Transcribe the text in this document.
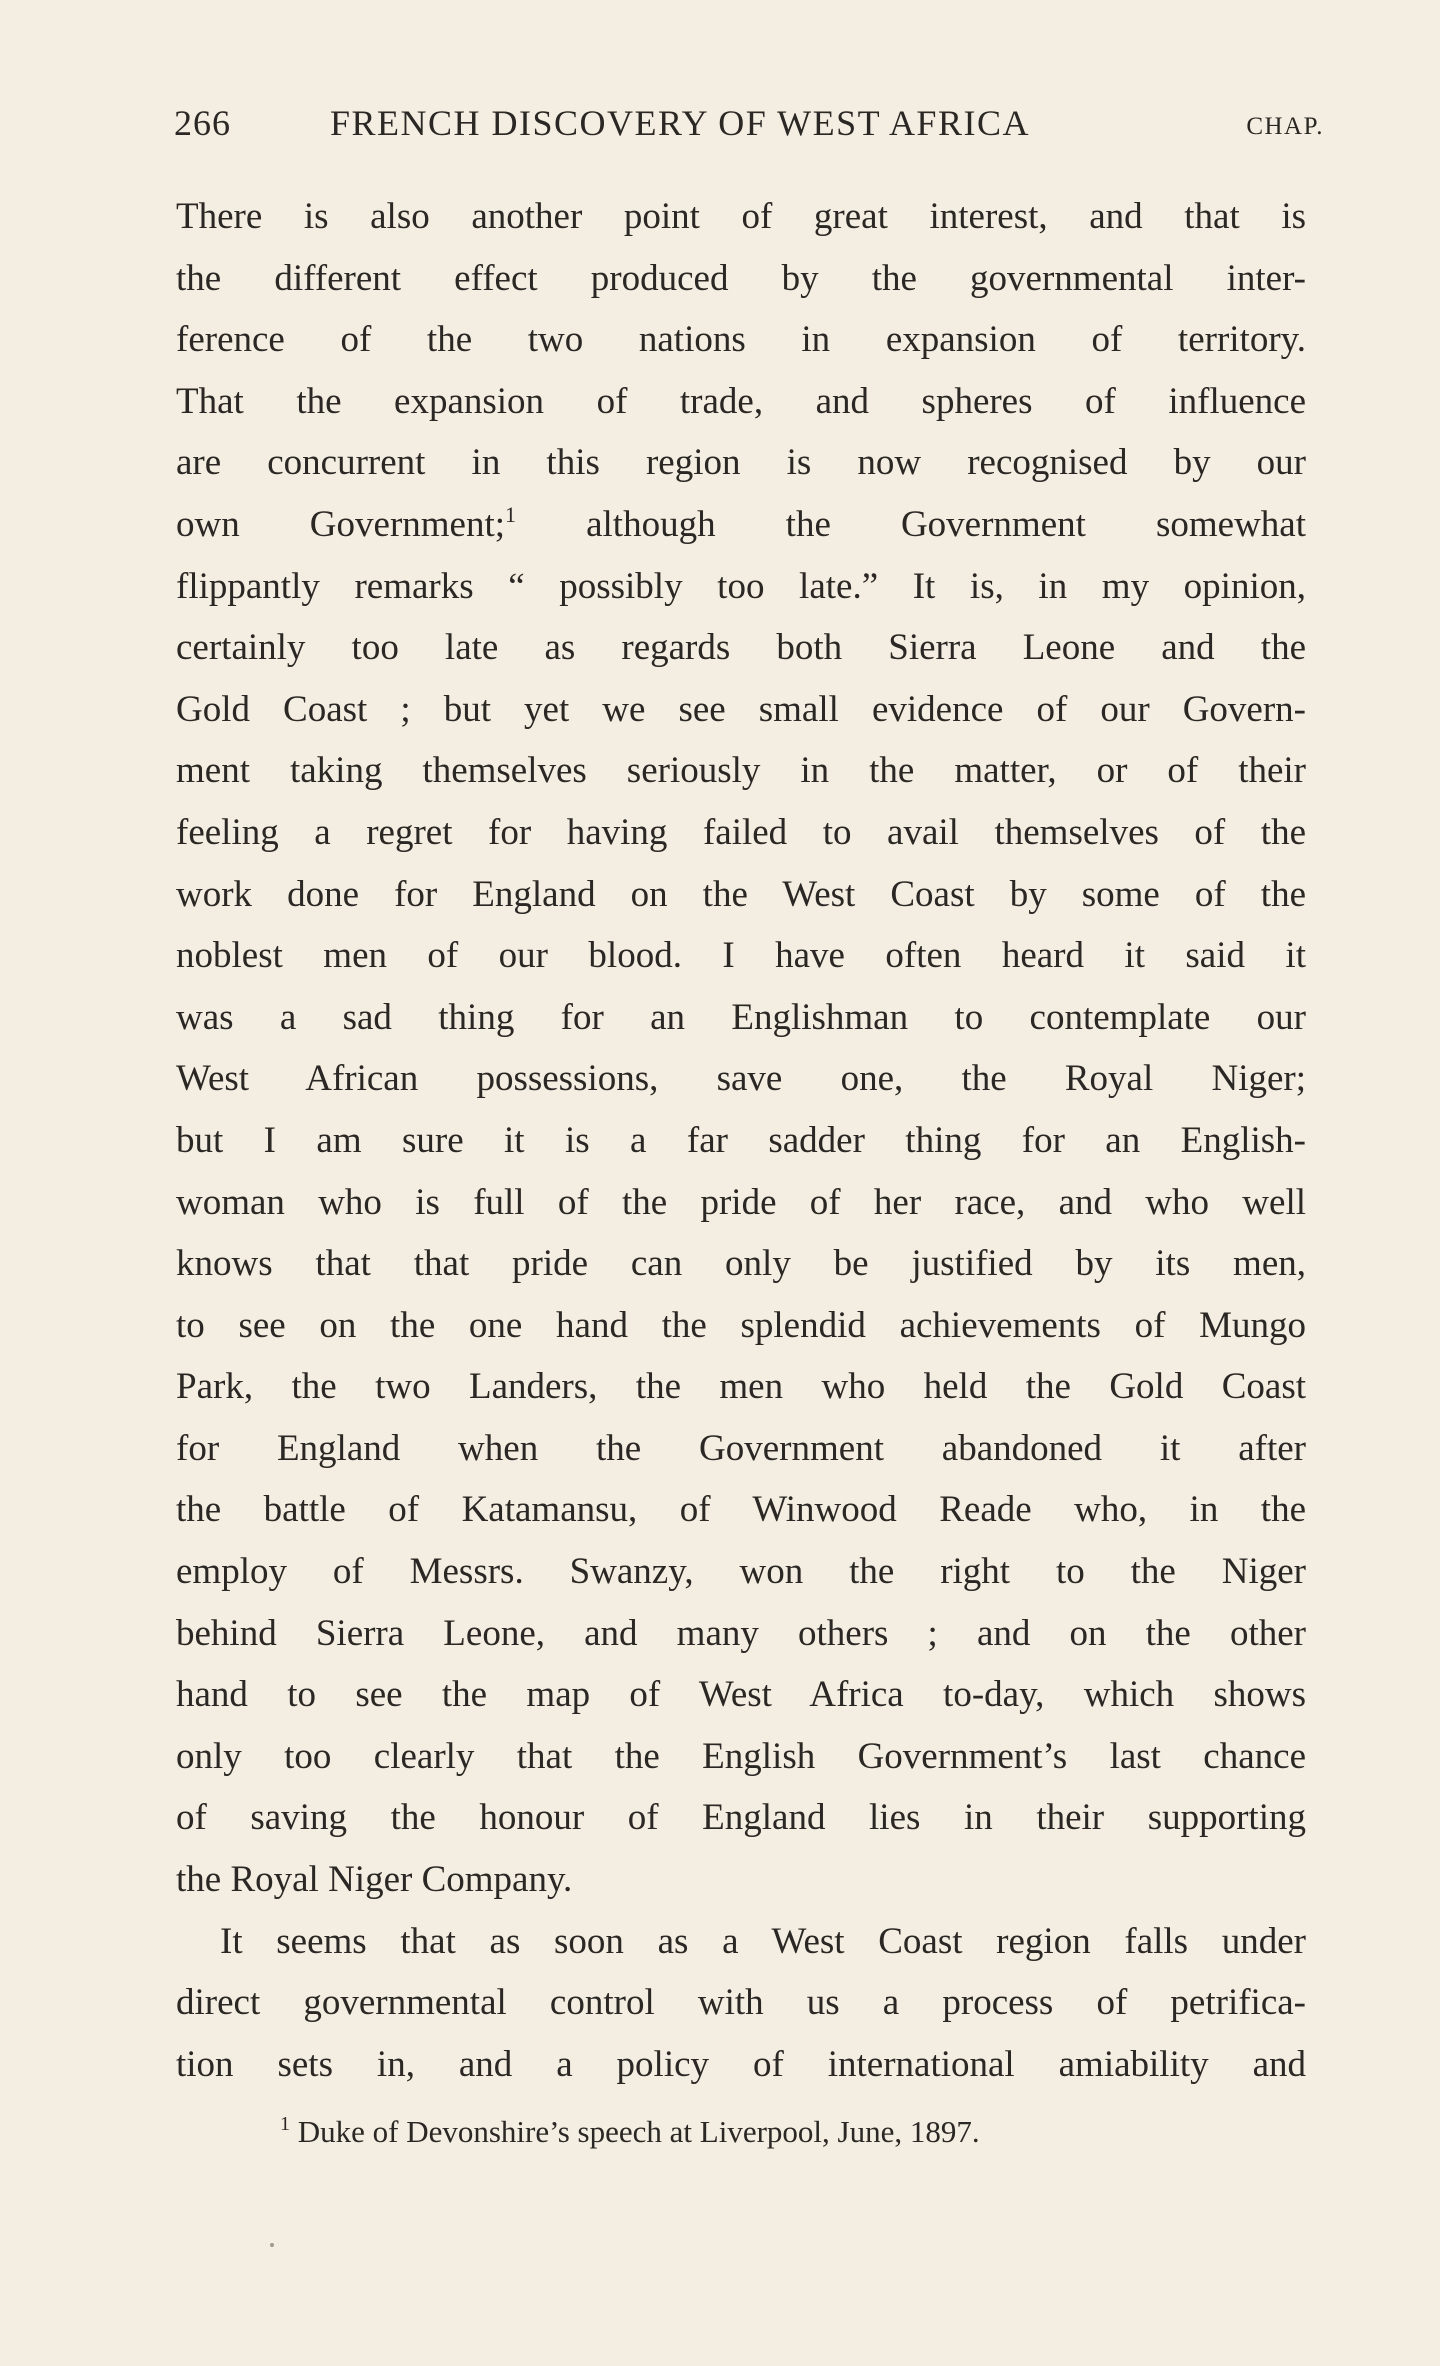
266	FRENCH DISCOVERY OF WEST AFRICA	CHAP.
There is also another point of great interest, and that is
the different effect produced by the governmental inter-
ference of the two nations in expansion of territory.
That the expansion of trade, and spheres of influence
are concurrent in this region is now recognised by our
own Government;$^1$ although the Government somewhat
flippantly remarks “ possibly too late.” It is, in my opinion,
certainly too late as regards both Sierra Leone and the
Gold Coast ; but yet we see small evidence of our Govern-
ment taking themselves seriously in the matter, or of their
feeling a regret for having failed to avail themselves of the
work done for England on the West Coast by some of the
noblest men of our blood. I have often heard it said it
was a sad thing for an Englishman to contemplate our
West African possessions, save one, the Royal Niger;
but I am sure it is a far sadder thing for an English-
woman who is full of the pride of her race, and who well
knows that that pride can only be justified by its men,
to see on the one hand the splendid achievements of Mungo
Park, the two Landers, the men who held the Gold Coast
for England when the Government abandoned it after
the battle of Katamansu, of Winwood Reade who, in the
employ of Messrs. Swanzy, won the right to the Niger
behind Sierra Leone, and many others ; and on the other
hand to see the map of West Africa to-day, which shows
only too clearly that the English Government’s last chance
of saving the honour of England lies in their supporting
the Royal Niger Company.
It seems that as soon as a West Coast region falls under
direct governmental control with us a process of petrifica-
tion sets in, and a policy of international amiability and
$^1$ Duke of Devonshire’s speech at Liverpool, June, 1897.
